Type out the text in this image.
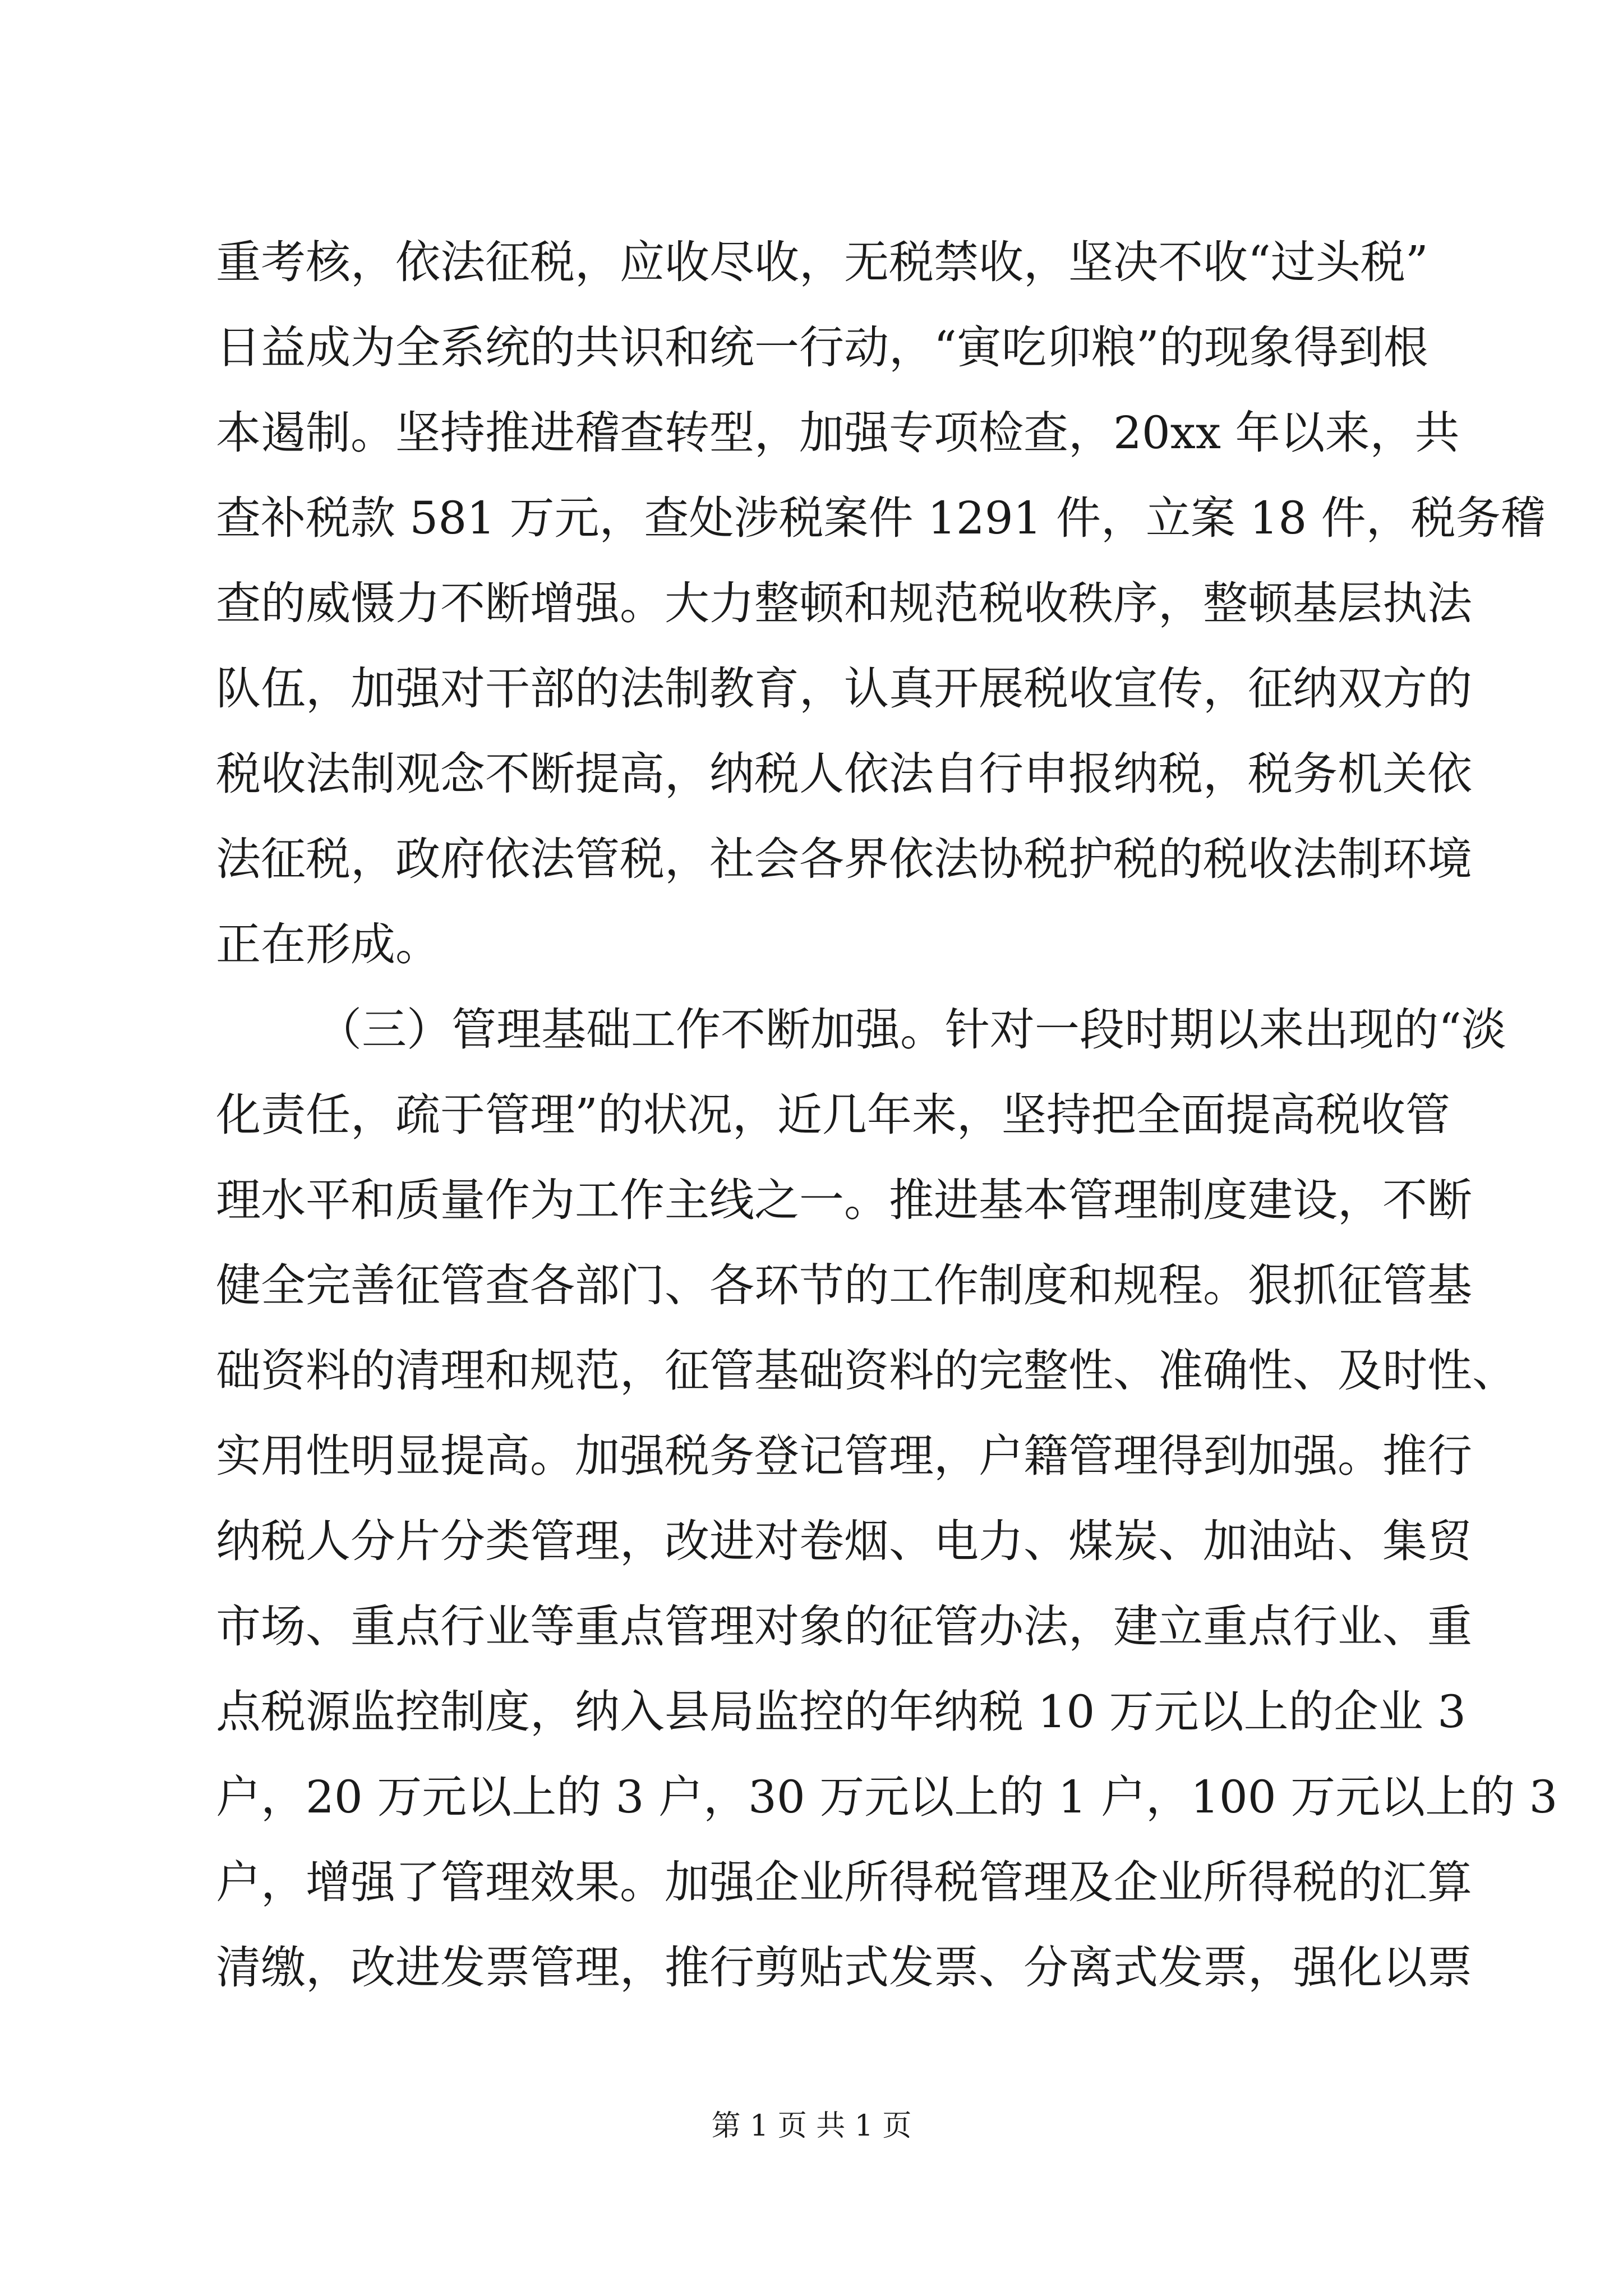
重考核，依法征税，应收尽收，无税禁收，坚决不收“过头税”
日益成为全系统的共识和统一行动，“寅吃卯粮”的现象得到根
本遏制。坚持推进稽查转型，加强专项检查，20xx 年以来，共
查补税款 581 万元，查处涉税案件 1291 件，立案 18 件，税务稽
查的威慑力不断增强。大力整顿和规范税收秩序，整顿基层执法
队伍，加强对干部的法制教育，认真开展税收宣传，征纳双方的
税收法制观念不断提高，纳税人依法自行申报纳税，税务机关依
法征税，政府依法管税，社会各界依法协税护税的税收法制环境
正在形成。
（三）管理基础工作不断加强。针对一段时期以来出现的“淡
化责任，疏于管理”的状况，近几年来，坚持把全面提高税收管
理水平和质量作为工作主线之一。推进基本管理制度建设，不断
健全完善征管查各部门、各环节的工作制度和规程。狠抓征管基
础资料的清理和规范，征管基础资料的完整性、准确性、及时性、
实用性明显提高。加强税务登记管理，户籍管理得到加强。推行
纳税人分片分类管理，改进对卷烟、电力、煤炭、加油站、集贸
市场、重点行业等重点管理对象的征管办法，建立重点行业、重
点税源监控制度，纳入县局监控的年纳税 10 万元以上的企业 3
户，20 万元以上的 3 户，30 万元以上的 1 户，100 万元以上的 3
户，增强了管理效果。加强企业所得税管理及企业所得税的汇算
清缴，改进发票管理，推行剪贴式发票、分离式发票，强化以票
第 1 页 共 1 页
